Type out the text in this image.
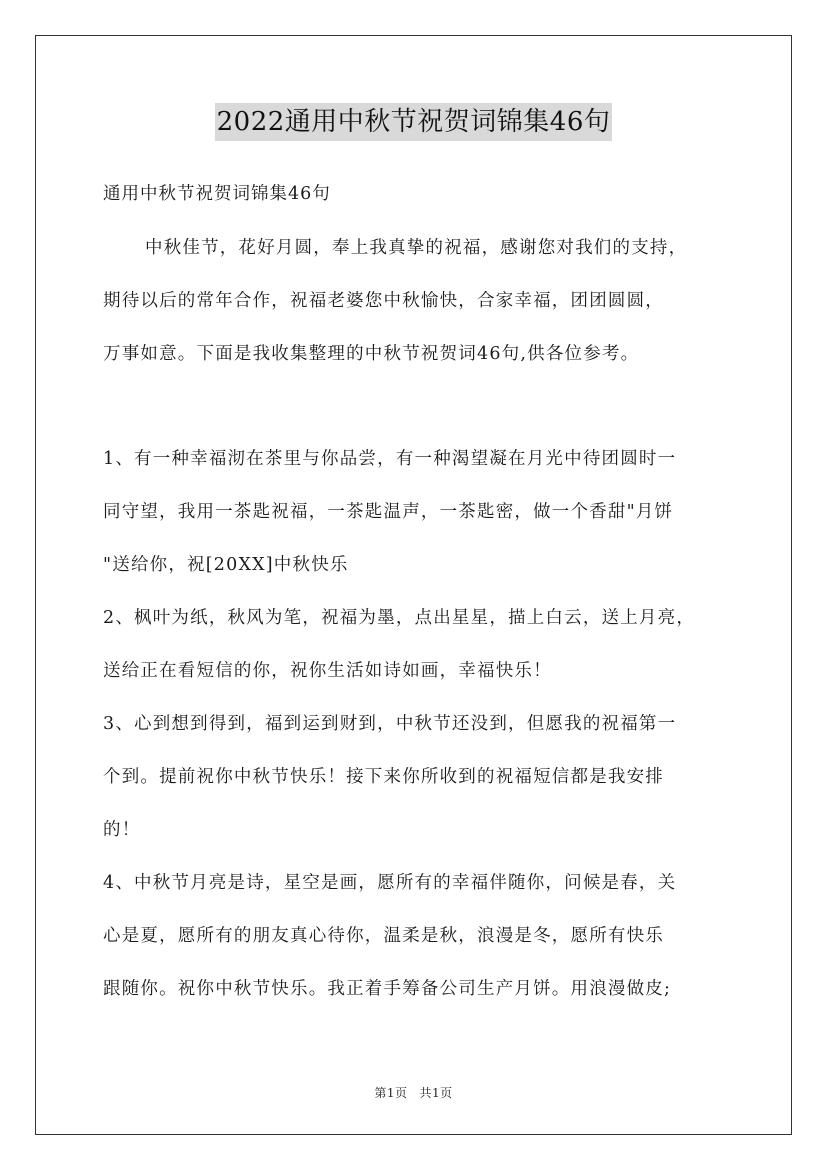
2022通用中秋节祝贺词锦集46句
通用中秋节祝贺词锦集46句
中秋佳节，花好月圆，奉上我真挚的祝福，感谢您对我们的支持，
期待以后的常年合作，祝福老婆您中秋愉快，合家幸福，团团圆圆，
万事如意。下面是我收集整理的中秋节祝贺词46句,供各位参考。
1、有一种幸福沏在茶里与你品尝，有一种渴望凝在月光中待团圆时一
同守望，我用一茶匙祝福，一茶匙温声，一茶匙密，做一个香甜"月饼
"送给你，祝[20XX]中秋快乐
2、枫叶为纸，秋风为笔，祝福为墨，点出星星，描上白云，送上月亮，
送给正在看短信的你，祝你生活如诗如画，幸福快乐！
3、心到想到得到，福到运到财到，中秋节还没到，但愿我的祝福第一
个到。提前祝你中秋节快乐！接下来你所收到的祝福短信都是我安排
的！
4、中秋节月亮是诗，星空是画，愿所有的幸福伴随你，问候是春，关
心是夏，愿所有的朋友真心待你，温柔是秋，浪漫是冬，愿所有快乐
跟随你。祝你中秋节快乐。我正着手筹备公司生产月饼。用浪漫做皮;
第1页 共1页
